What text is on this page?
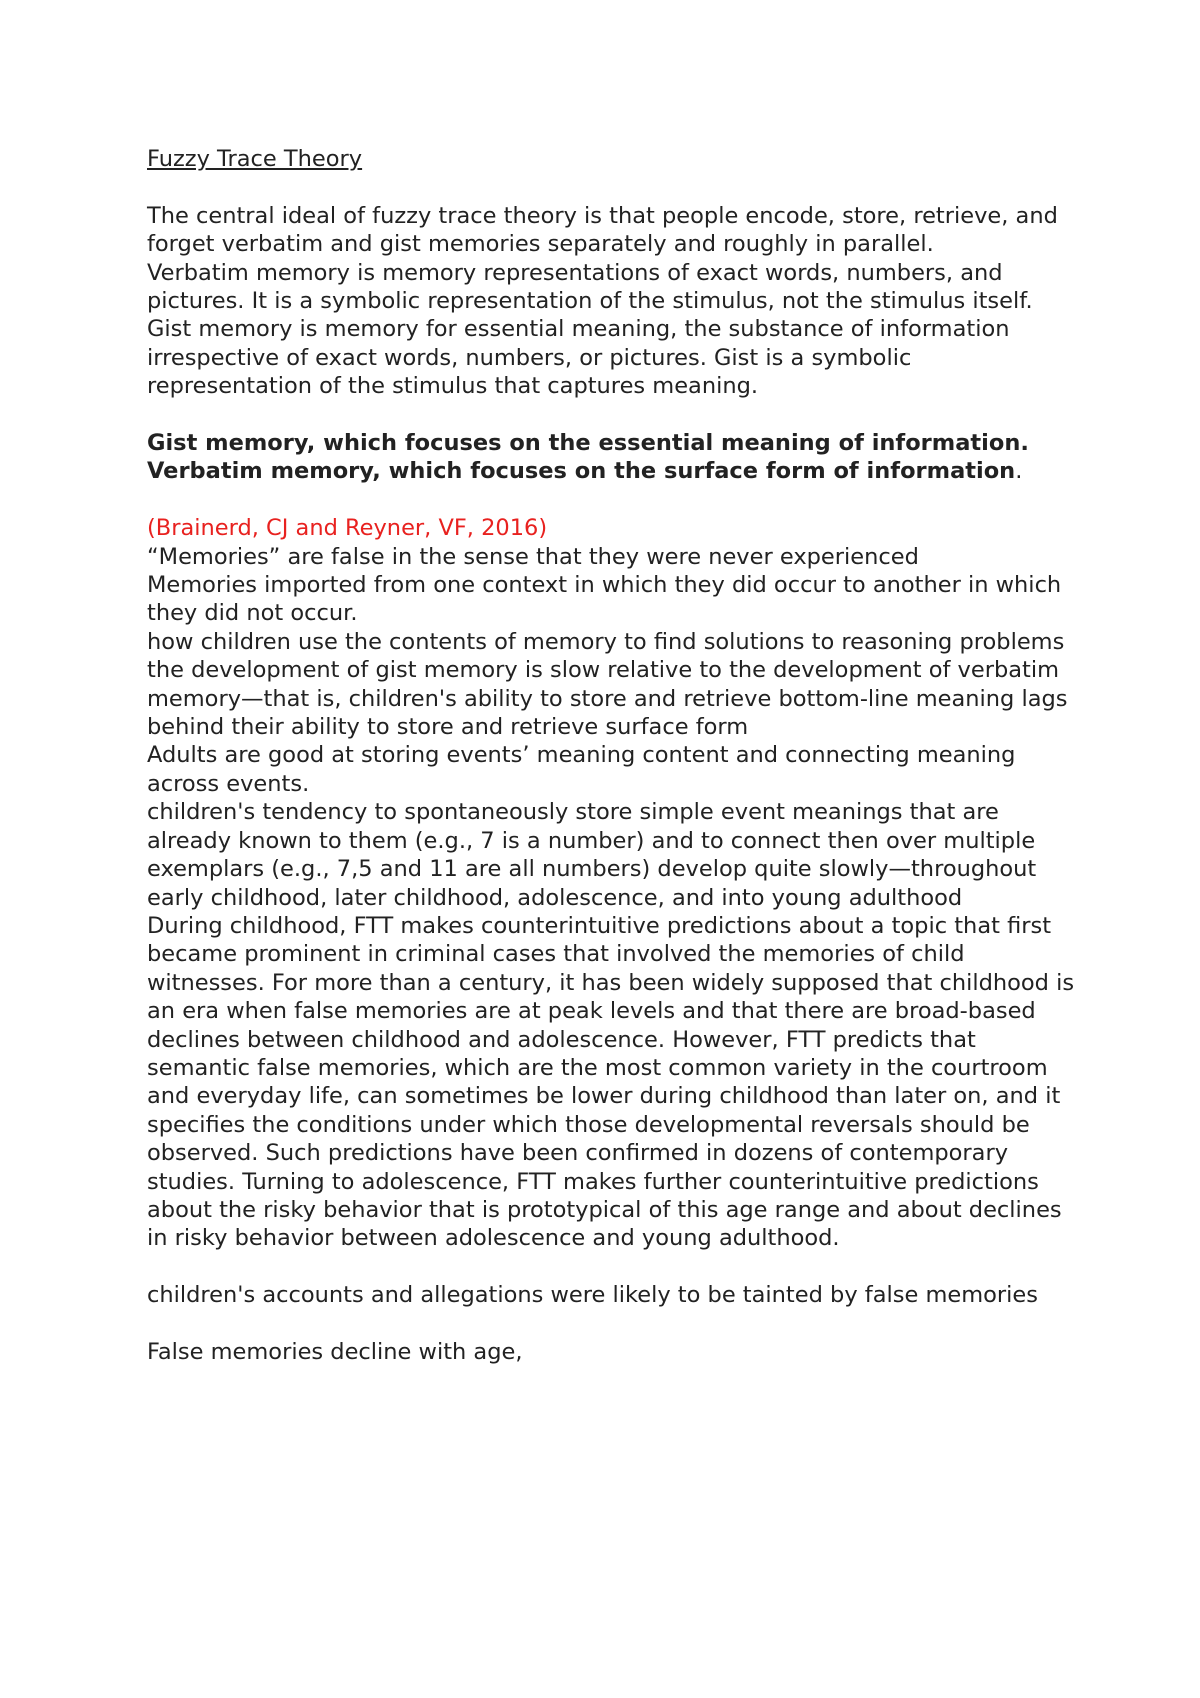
Fuzzy Trace Theory

The central ideal of fuzzy trace theory is that people encode, store, retrieve, and forget verbatim and gist memories separately and roughly in parallel.

Verbatim memory is memory representations of exact words, numbers, and pictures. It is a symbolic representation of the stimulus, not the stimulus itself.

Gist memory is memory for essential meaning, the substance of information irrespective of exact words, numbers, or pictures. Gist is a symbolic representation of the stimulus that captures meaning.

Gist memory, which focuses on the essential meaning of information. Verbatim memory, which focuses on the surface form of information.

(Brainerd, CJ and Reyner, VF, 2016)

“Memories” are false in the sense that they were never experienced

Memories imported from one context in which they did occur to another in which they did not occur.

how children use the contents of memory to find solutions to reasoning problems

the development of gist memory is slow relative to the development of verbatim memory—that is, children's ability to store and retrieve bottom-line meaning lags behind their ability to store and retrieve surface form

Adults are good at storing events’ meaning content and connecting meaning across events.

children's tendency to spontaneously store simple event meanings that are already known to them (e.g., 7 is a number) and to connect then over multiple exemplars (e.g., 7,5 and 11 are all numbers) develop quite slowly—throughout early childhood, later childhood, adolescence, and into young adulthood

During childhood, FTT makes counterintuitive predictions about a topic that first became prominent in criminal cases that involved the memories of child witnesses. For more than a century, it has been widely supposed that childhood is an era when false memories are at peak levels and that there are broad-based declines between childhood and adolescence. However, FTT predicts that semantic false memories, which are the most common variety in the courtroom and everyday life, can sometimes be lower during childhood than later on, and it specifies the conditions under which those developmental reversals should be observed. Such predictions have been confirmed in dozens of contemporary studies. Turning to adolescence, FTT makes further counterintuitive predictions about the risky behavior that is prototypical of this age range and about declines in risky behavior between adolescence and young adulthood.

children's accounts and allegations were likely to be tainted by false memories

False memories decline with age,
